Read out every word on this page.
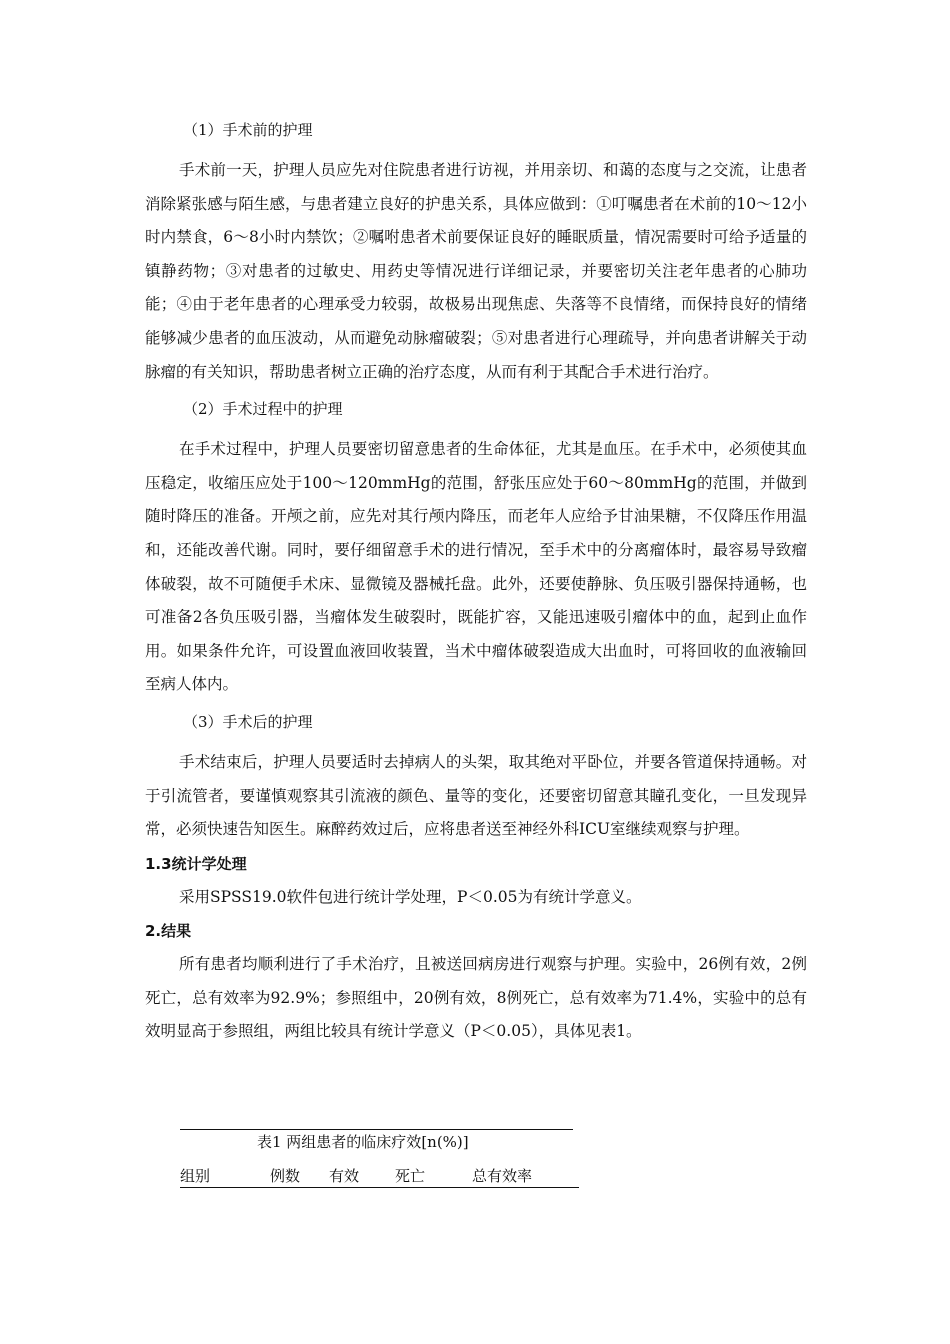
（1）手术前的护理

手术前一天，护理人员应先对住院患者进行访视，并用亲切、和蔼的态度与之交流，让患者消除紧张感与陌生感，与患者建立良好的护患关系，具体应做到：①叮嘱患者在术前的10～12小时内禁食，6～8小时内禁饮；②嘱咐患者术前要保证良好的睡眠质量，情况需要时可给予适量的镇静药物；③对患者的过敏史、用药史等情况进行详细记录，并要密切关注老年患者的心肺功能；④由于老年患者的心理承受力较弱，故极易出现焦虑、失落等不良情绪，而保持良好的情绪能够减少患者的血压波动，从而避免动脉瘤破裂；⑤对患者进行心理疏导，并向患者讲解关于动脉瘤的有关知识，帮助患者树立正确的治疗态度，从而有利于其配合手术进行治疗。

（2）手术过程中的护理

在手术过程中，护理人员要密切留意患者的生命体征，尤其是血压。在手术中，必须使其血压稳定，收缩压应处于100～120mmHg的范围，舒张压应处于60～80mmHg的范围，并做到随时降压的准备。开颅之前，应先对其行颅内降压，而老年人应给予甘油果糖，不仅降压作用温和，还能改善代谢。同时，要仔细留意手术的进行情况，至手术中的分离瘤体时，最容易导致瘤体破裂，故不可随便手术床、显微镜及器械托盘。此外，还要使静脉、负压吸引器保持通畅，也可准备2各负压吸引器，当瘤体发生破裂时，既能扩容，又能迅速吸引瘤体中的血，起到止血作用。如果条件允许，可设置血液回收装置，当术中瘤体破裂造成大出血时，可将回收的血液输回至病人体内。

（3）手术后的护理

手术结束后，护理人员要适时去掉病人的头架，取其绝对平卧位，并要各管道保持通畅。对于引流管者，要谨慎观察其引流液的颜色、量等的变化，还要密切留意其瞳孔变化，一旦发现异常，必须快速告知医生。麻醉药效过后，应将患者送至神经外科ICU室继续观察与护理。

1.3统计学处理

采用SPSS19.0软件包进行统计学处理，P＜0.05为有统计学意义。

2.结果

所有患者均顺利进行了手术治疗，且被送回病房进行观察与护理。实验中，26例有效，2例死亡，总有效率为92.9%；参照组中，20例有效，8例死亡，总有效率为71.4%，实验中的总有效明显高于参照组，两组比较具有统计学意义（P＜0.05），具体见表1。

表1 两组患者的临床疗效[n(%)]
组别	例数 有效 死亡	总有效率
